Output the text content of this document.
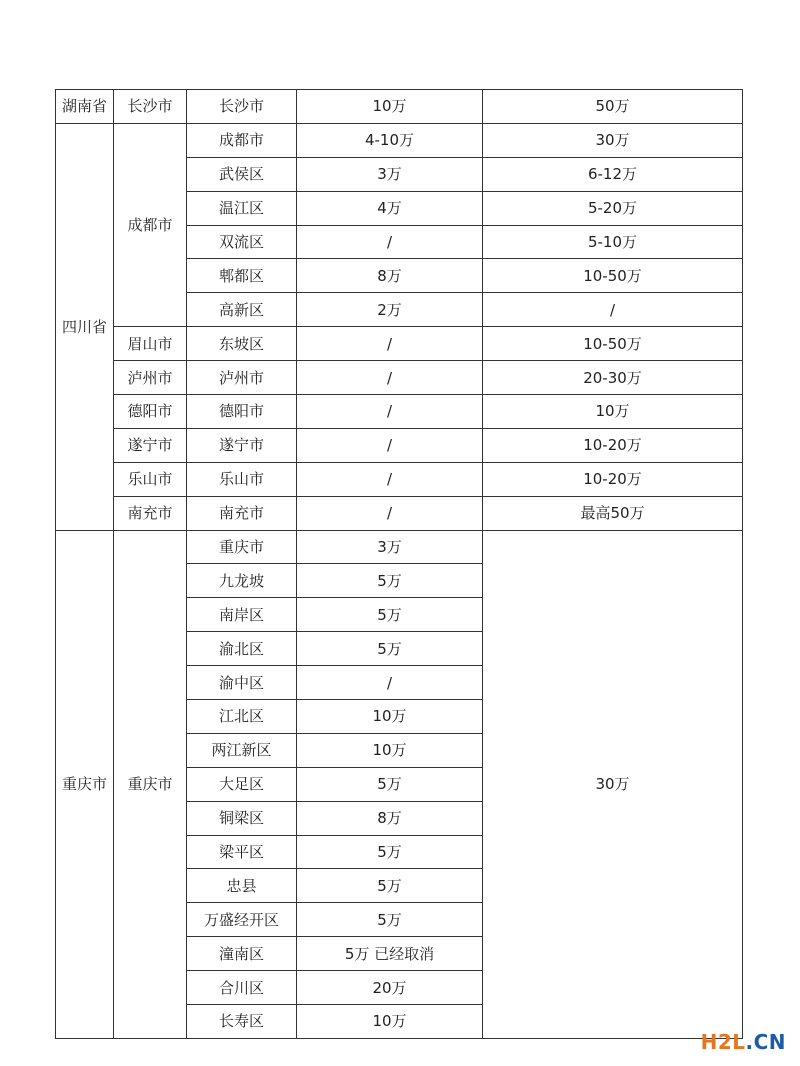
湖南省	长沙市	长沙市	10万	50万
四川省	成都市	成都市	4-10万	30万
		武侯区	3万	6-12万
		温江区	4万	5-20万
		双流区	/	5-10万
		郫都区	8万	10-50万
		高新区	2万	/
	眉山市	东坡区	/	10-50万
	泸州市	泸州市	/	20-30万
	德阳市	德阳市	/	10万
	遂宁市	遂宁市	/	10-20万
	乐山市	乐山市	/	10-20万
	南充市	南充市	/	最高50万
重庆市	重庆市	重庆市	3万	30万
		九龙坡	5万	
		南岸区	5万	
		渝北区	5万	
		渝中区	/	
		江北区	10万	
		两江新区	10万	
		大足区	5万	
		铜梁区	8万	
		梁平区	5万	
		忠县	5万	
		万盛经开区	5万	
		潼南区	5万 已经取消	
		合川区	20万	
		长寿区	10万	
H2L.CN
